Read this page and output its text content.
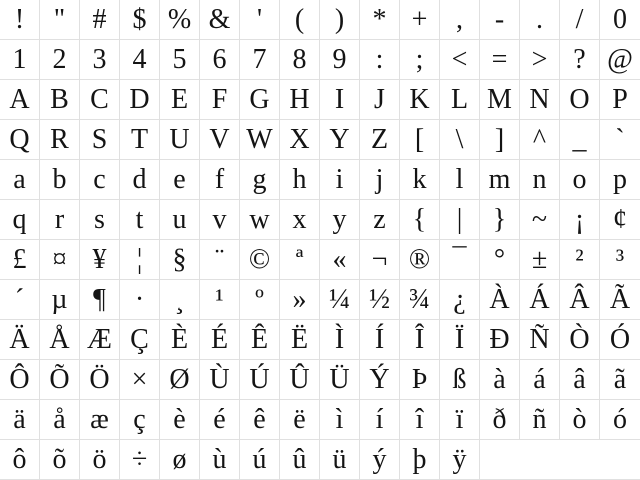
!	" # $ % & '	(	)	* +	,	-	.	/	0
1 2 3 4 5 6 7 8 9	:	;	< = > ? @
A B C D E F G H I	J K L M N O P
Q R S T U V W X Y Z [	\	]	^ _	`
a b c d e	f	g h	i	j	k	l m n o p
q	r	s	t	u v w x y z {	|	} ~ ¡	¢
£ ¤ ¥	¦	§	¨ © ª	« ¬ ® ¯ ° ±	²	³
´ µ ¶	·	¸	¹	º	» ¼ ½ ¾ ¿ À Á Â Ã
Ä Å Æ Ç È É Ê Ë Ì	Í	Î	Ï Ð Ñ Ò Ó
Ô Õ Ö × Ø Ù Ú Û Ü Ý Þ ß à á â	ã
ä å æ ç è é ê ë	ì	í	î	ï	ð ñ ò ó
ô õ ö ÷ ø ù ú û ü ý þ ÿ
